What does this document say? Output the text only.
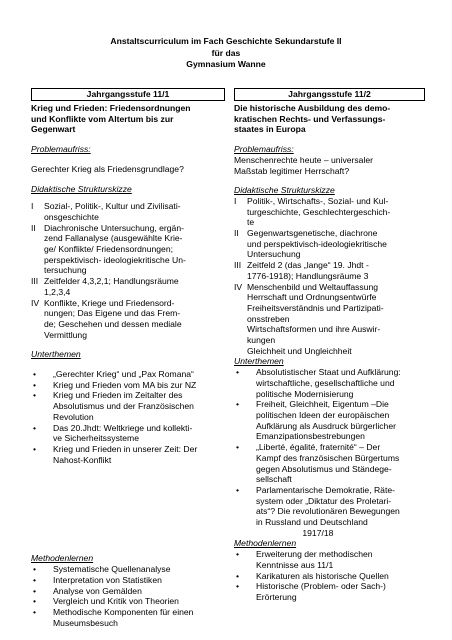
Anstaltscurriculum im Fach Geschichte Sekundarstufe II
für das
Gymnasium Wanne
Jahrgangsstufe 11/1
Krieg und Frieden: Friedensordnungen
und Konflikte vom Altertum bis zur
Gegenwart
Problemaufriss:
Gerechter Krieg als Friedensgrundlage?
Didaktische Strukturskizze
I	Sozial-, Politik-, Kultur und Zivilisati-
onsgeschichte
II Diachronische Untersuchung, ergän-
zend Fallanalyse (ausgewählte Krie-
ge/ Konflikte/ Friedensordnungen;
perspektivisch- ideologiekritische Un-
tersuchung
III Zeitfelder 4,3,2,1; Handlungsräume
1,2,3,4
IV Konflikte, Kriege und Friedensord-
nungen; Das Eigene und das Frem-
de; Geschehen und dessen mediale
Vermittlung
Unterthemen
•
„Gerechter Krieg“ und „Pax Romana“
•
Krieg und Frieden vom MA bis zur NZ
•
Krieg und Frieden im Zeitalter des
Absolutismus und der Französischen
Revolution
•
Das 20.Jhdt: Weltkriege und kollekti-
ve Sicherheitssysteme
•
Krieg und Frieden in unserer Zeit: Der
Nahost-Konflikt
Methodenlernen
•
Systematische Quellenanalyse
•
Interpretation von Statistiken
•
Analyse von Gemälden
•
Vergleich und Kritik von Theorien
•
Methodische Komponenten für einen
Museumsbesuch
Jahrgangsstufe 11/2
Die historische Ausbildung des demo-
kratischen Rechts- und Verfassungs-
staates in Europa
Problemaufriss:
Menschenrechte heute – universaler
Maßstab legitimer Herrschaft?
Didaktische Strukturskizze
I	Politik-, Wirtschafts-, Sozial- und Kul-
turgeschichte, Geschlechtergeschich-
te
II Gegenwartsgenetische, diachrone
und perspektivisch-ideologiekritische
Untersuchung
III Zeitfeld 2 (das „lange“ 19. Jhdt -
1776-1918); Handlungsräume 3
IV Menschenbild und Weltauffassung
Herrschaft und Ordnungsentwürfe
Freiheitsverständnis und Partizipati-
onsstreben
Wirtschaftsformen und ihre Auswir-
kungen
Gleichheit und Ungleichheit
Unterthemen
•
Absolutistischer Staat und Aufklärung:
wirtschaftliche, gesellschaftliche und
politische Modernisierung
•
Freiheit, Gleichheit, Eigentum –Die
politischen Ideen der europäischen
Aufklärung als Ausdruck bürgerlicher
Emanzipationsbestrebungen
•
„Liberté, égalité, fraternité“ – Der
Kampf des französischen Bürgertums
gegen Absolutismus und Ständege-
sellschaft
•
Parlamentarische Demokratie, Räte-
system oder „Diktatur des Proletari-
ats“? Die revolutionären Bewegungen
in Russland und Deutschland
1917/18
Methodenlernen
•
Erweiterung der methodischen
Kenntnisse aus 11/1
•
Karikaturen als historische Quellen
•
Historische (Problem- oder Sach-)
Erörterung
